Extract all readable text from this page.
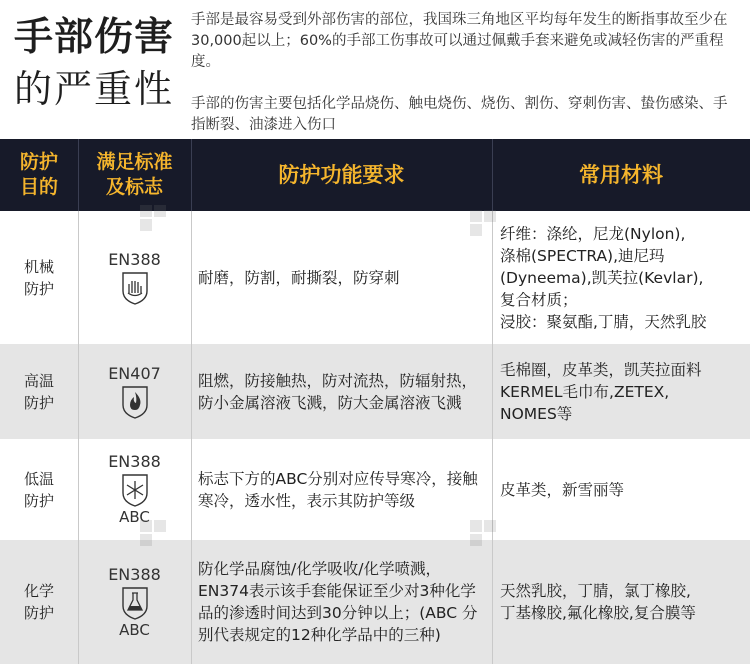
手部伤害
的严重性
手部是最容易受到外部伤害的部位，我国珠三角地区平均每年发生的断指事故至少在30,000起以上；60%的手部工伤事故可以通过佩戴手套来避免或减轻伤害的严重程度。
手部的伤害主要包括化学品烧伤、触电烧伤、烧伤、割伤、穿刺伤害、蛰伤感染、手指断裂、油漆进入伤口
防护
目的
满足标准
及标志
防护功能要求	常用材料
机械
防护
EN388
耐磨，防割，耐撕裂，防穿刺
纤维：涤纶，尼龙(Nylon),
涤棉(SPECTRA),迪尼玛
(Dyneema),凯芙拉(Kevlar),
复合材质；
浸胶：聚氨酯,丁腈，天然乳胶
高温
防护
EN407 阻燃，防接触热，防对流热，防辐射热，防小金属溶液飞溅，防大金属溶液飞溅
毛棉圈，皮革类，凯芙拉面料
KERMEL毛巾布,ZETEX,
NOMES等
低温
防护
EN388
ABC
标志下方的ABC分别对应传导寒冷，接触寒冷，透水性，表示其防护等级
皮革类，新雪丽等
化学
防护
EN388
ABC
防化学品腐蚀/化学吸收/化学喷溅，EN374表示该手套能保证至少对3种化学品的渗透时间达到30分钟以上；(ABC 分别代表规定的12种化学品中的三种)
天然乳胶，丁腈，氯丁橡胶,
丁基橡胶,氟化橡胶,复合膜等
